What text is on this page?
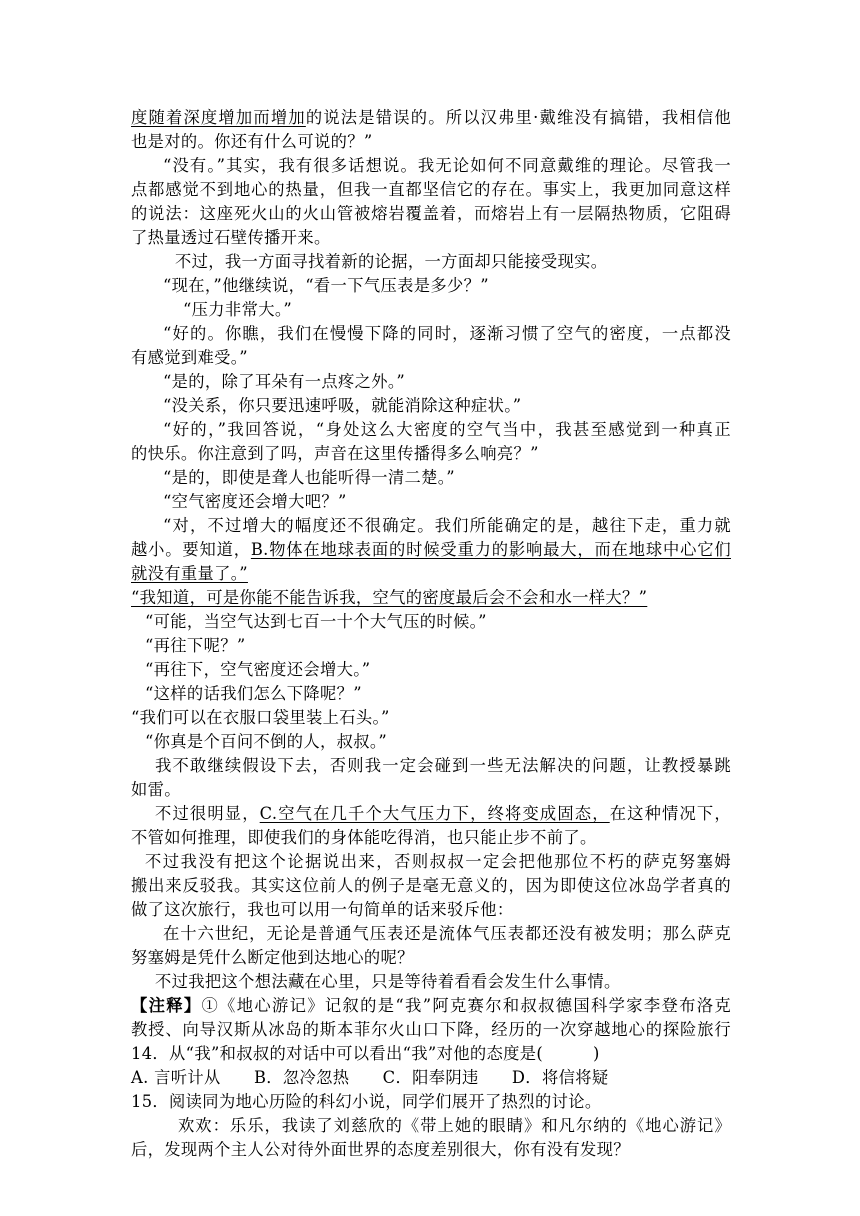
度随着深度增加而增加的说法是错误的。所以汉弗里·戴维没有搞错，我相信他
也是对的。你还有什么可说的？”
“没有。”其实，我有很多话想说。我无论如何不同意戴维的理论。尽管我一
点都感觉不到地心的热量，但我一直都坚信它的存在。事实上，我更加同意这样
的说法：这座死火山的火山管被熔岩覆盖着，而熔岩上有一层隔热物质，它阻碍
了热量透过石壁传播开来。
不过，我一方面寻找着新的论据，一方面却只能接受现实。
“现在，”他继续说，“看一下气压表是多少？”
“压力非常大。”
“好的。你瞧，我们在慢慢下降的同时，逐渐习惯了空气的密度，一点都没
有感觉到难受。”
“是的，除了耳朵有一点疼之外。”
“没关系，你只要迅速呼吸，就能消除这种症状。”
“好的，”我回答说，“身处这么大密度的空气当中，我甚至感觉到一种真正
的快乐。你注意到了吗，声音在这里传播得多么响亮？”
“是的，即使是聋人也能听得一清二楚。”
“空气密度还会增大吧？”
“对，不过增大的幅度还不很确定。我们所能确定的是，越往下走，重力就
越小。要知道，B.物体在地球表面的时候受重力的影响最大，而在地球中心它们
就没有重量了。”
“我知道，可是你能不能告诉我，空气的密度最后会不会和水一样大？”
“可能，当空气达到七百一十个大气压的时候。”
“再往下呢？”
“再往下，空气密度还会增大。”
“这样的话我们怎么下降呢？”
“我们可以在衣服口袋里装上石头。”
“你真是个百问不倒的人，叔叔。”
我不敢继续假设下去，否则我一定会碰到一些无法解决的问题，让教授暴跳
如雷。
不过很明显，C.空气在几千个大气压力下，终将变成固态，在这种情况下，
不管如何推理，即使我们的身体能吃得消，也只能止步不前了。
不过我没有把这个论据说出来，否则叔叔一定会把他那位不朽的萨克努塞姆
搬出来反驳我。其实这位前人的例子是毫无意义的，因为即使这位冰岛学者真的
做了这次旅行，我也可以用一句简单的话来驳斥他：
在十六世纪，无论是普通气压表还是流体气压表都还没有被发明；那么萨克
努塞姆是凭什么断定他到达地心的呢？
不过我把这个想法藏在心里，只是等待着看看会发生什么事情。
【注释】①《地心游记》记叙的是“我”阿克赛尔和叔叔德国科学家李登布洛克
教授、向导汉斯从冰岛的斯本菲尔火山口下降，经历的一次穿越地心的探险旅行
14．从“我”和叔叔的对话中可以看出“我”对他的态度是(　　　)
A. 言听计从　　B．忽冷忽热　　C．阳奉阴违　　D．将信将疑
15．阅读同为地心历险的科幻小说，同学们展开了热烈的讨论。
欢欢：乐乐，我读了刘慈欣的《带上她的眼睛》和凡尔纳的《地心游记》
后，发现两个主人公对待外面世界的态度差别很大，你有没有发现？
